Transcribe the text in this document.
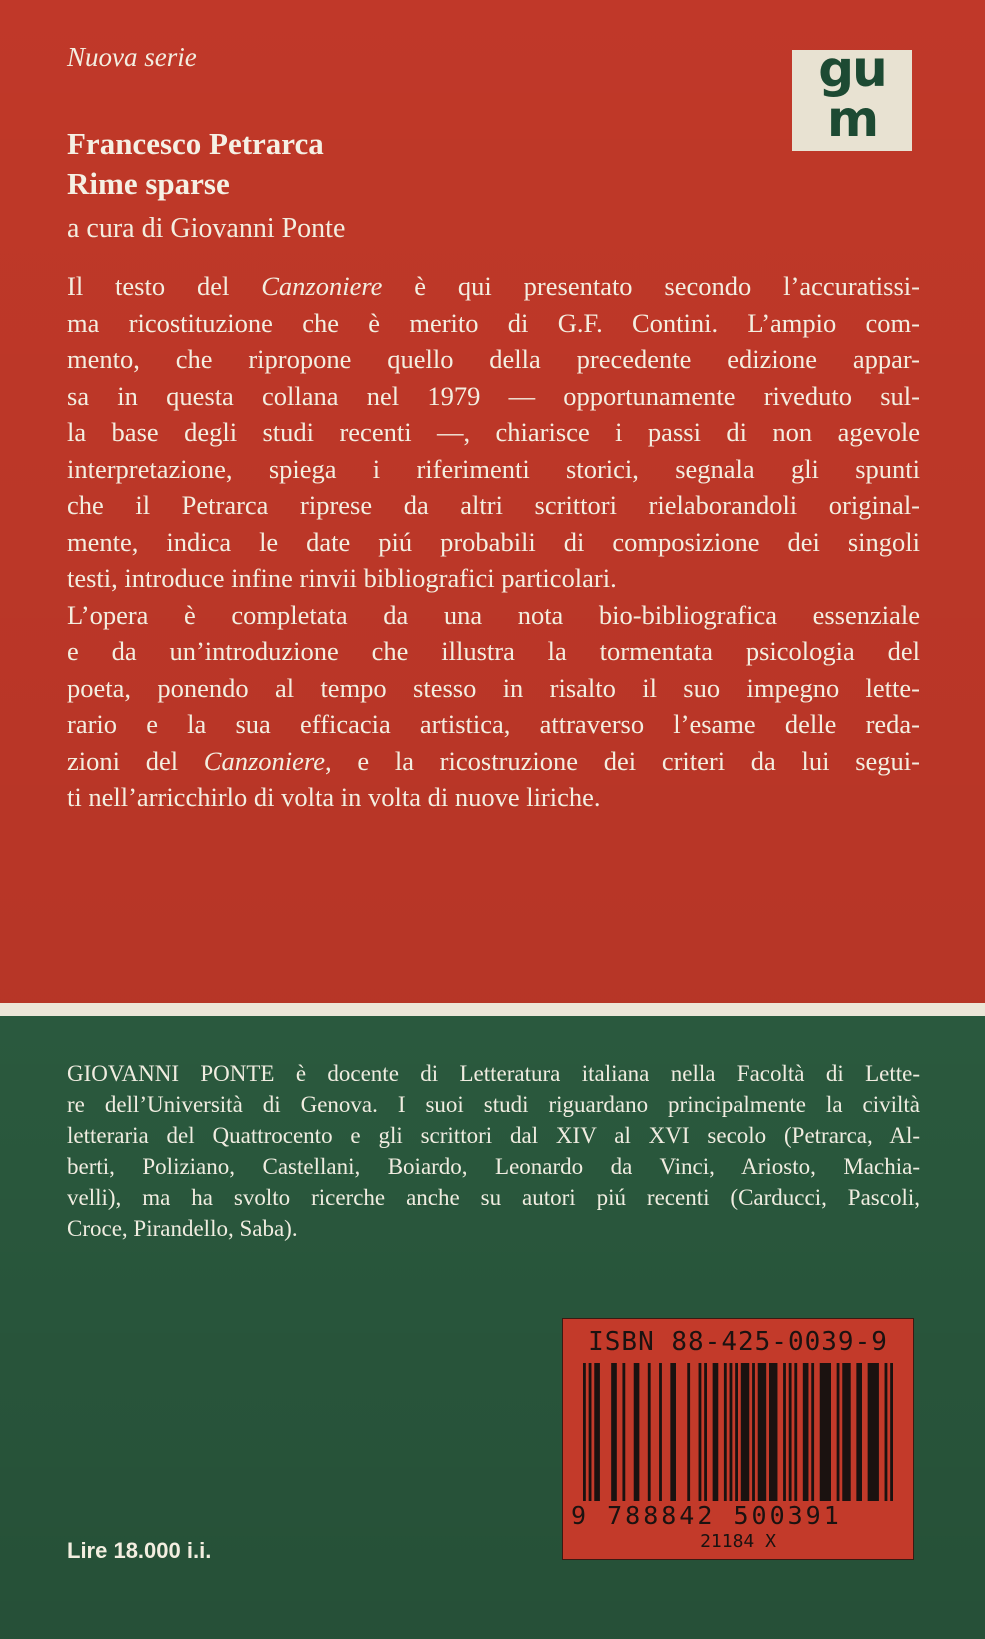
Nuova serie	gu
m
Francesco Petrarca
Rime sparse
a cura di Giovanni Ponte
Il testo del Canzoniere è qui presentato secondo l’accuratissi-
ma ricostituzione che è merito di G.F. Contini. L’ampio com-
mento, che ripropone quello della precedente edizione appar-
sa in questa collana nel 1979 — opportunamente riveduto sul-
la base degli studi recenti —, chiarisce i passi di non agevole
interpretazione, spiega i riferimenti storici, segnala gli spunti
che il Petrarca riprese da altri scrittori rielaborandoli original-
mente, indica le date piú probabili di composizione dei singoli
testi, introduce infine rinvii bibliografici particolari.
L’opera è completata da una nota bio-bibliografica essenziale
e da un’introduzione che illustra la tormentata psicologia del
poeta, ponendo al tempo stesso in risalto il suo impegno lette-
rario e la sua efficacia artistica, attraverso l’esame delle reda-
zioni del Canzoniere, e la ricostruzione dei criteri da lui segui-
ti nell’arricchirlo di volta in volta di nuove liriche.
GIOVANNI PONTE è docente di Letteratura italiana nella Facoltà di Lette-
re dell’Università di Genova. I suoi studi riguardano principalmente la civiltà
letteraria del Quattrocento e gli scrittori dal XIV al XVI secolo (Petrarca, Al-
berti, Poliziano, Castellani, Boiardo, Leonardo da Vinci, Ariosto, Machia-
velli), ma ha svolto ricerche anche su autori piú recenti (Carducci, Pascoli,
Croce, Pirandello, Saba).
Lire 18.000 i.i.
ISBN 88-425-0039-9
9 788842 500391
21184 X
